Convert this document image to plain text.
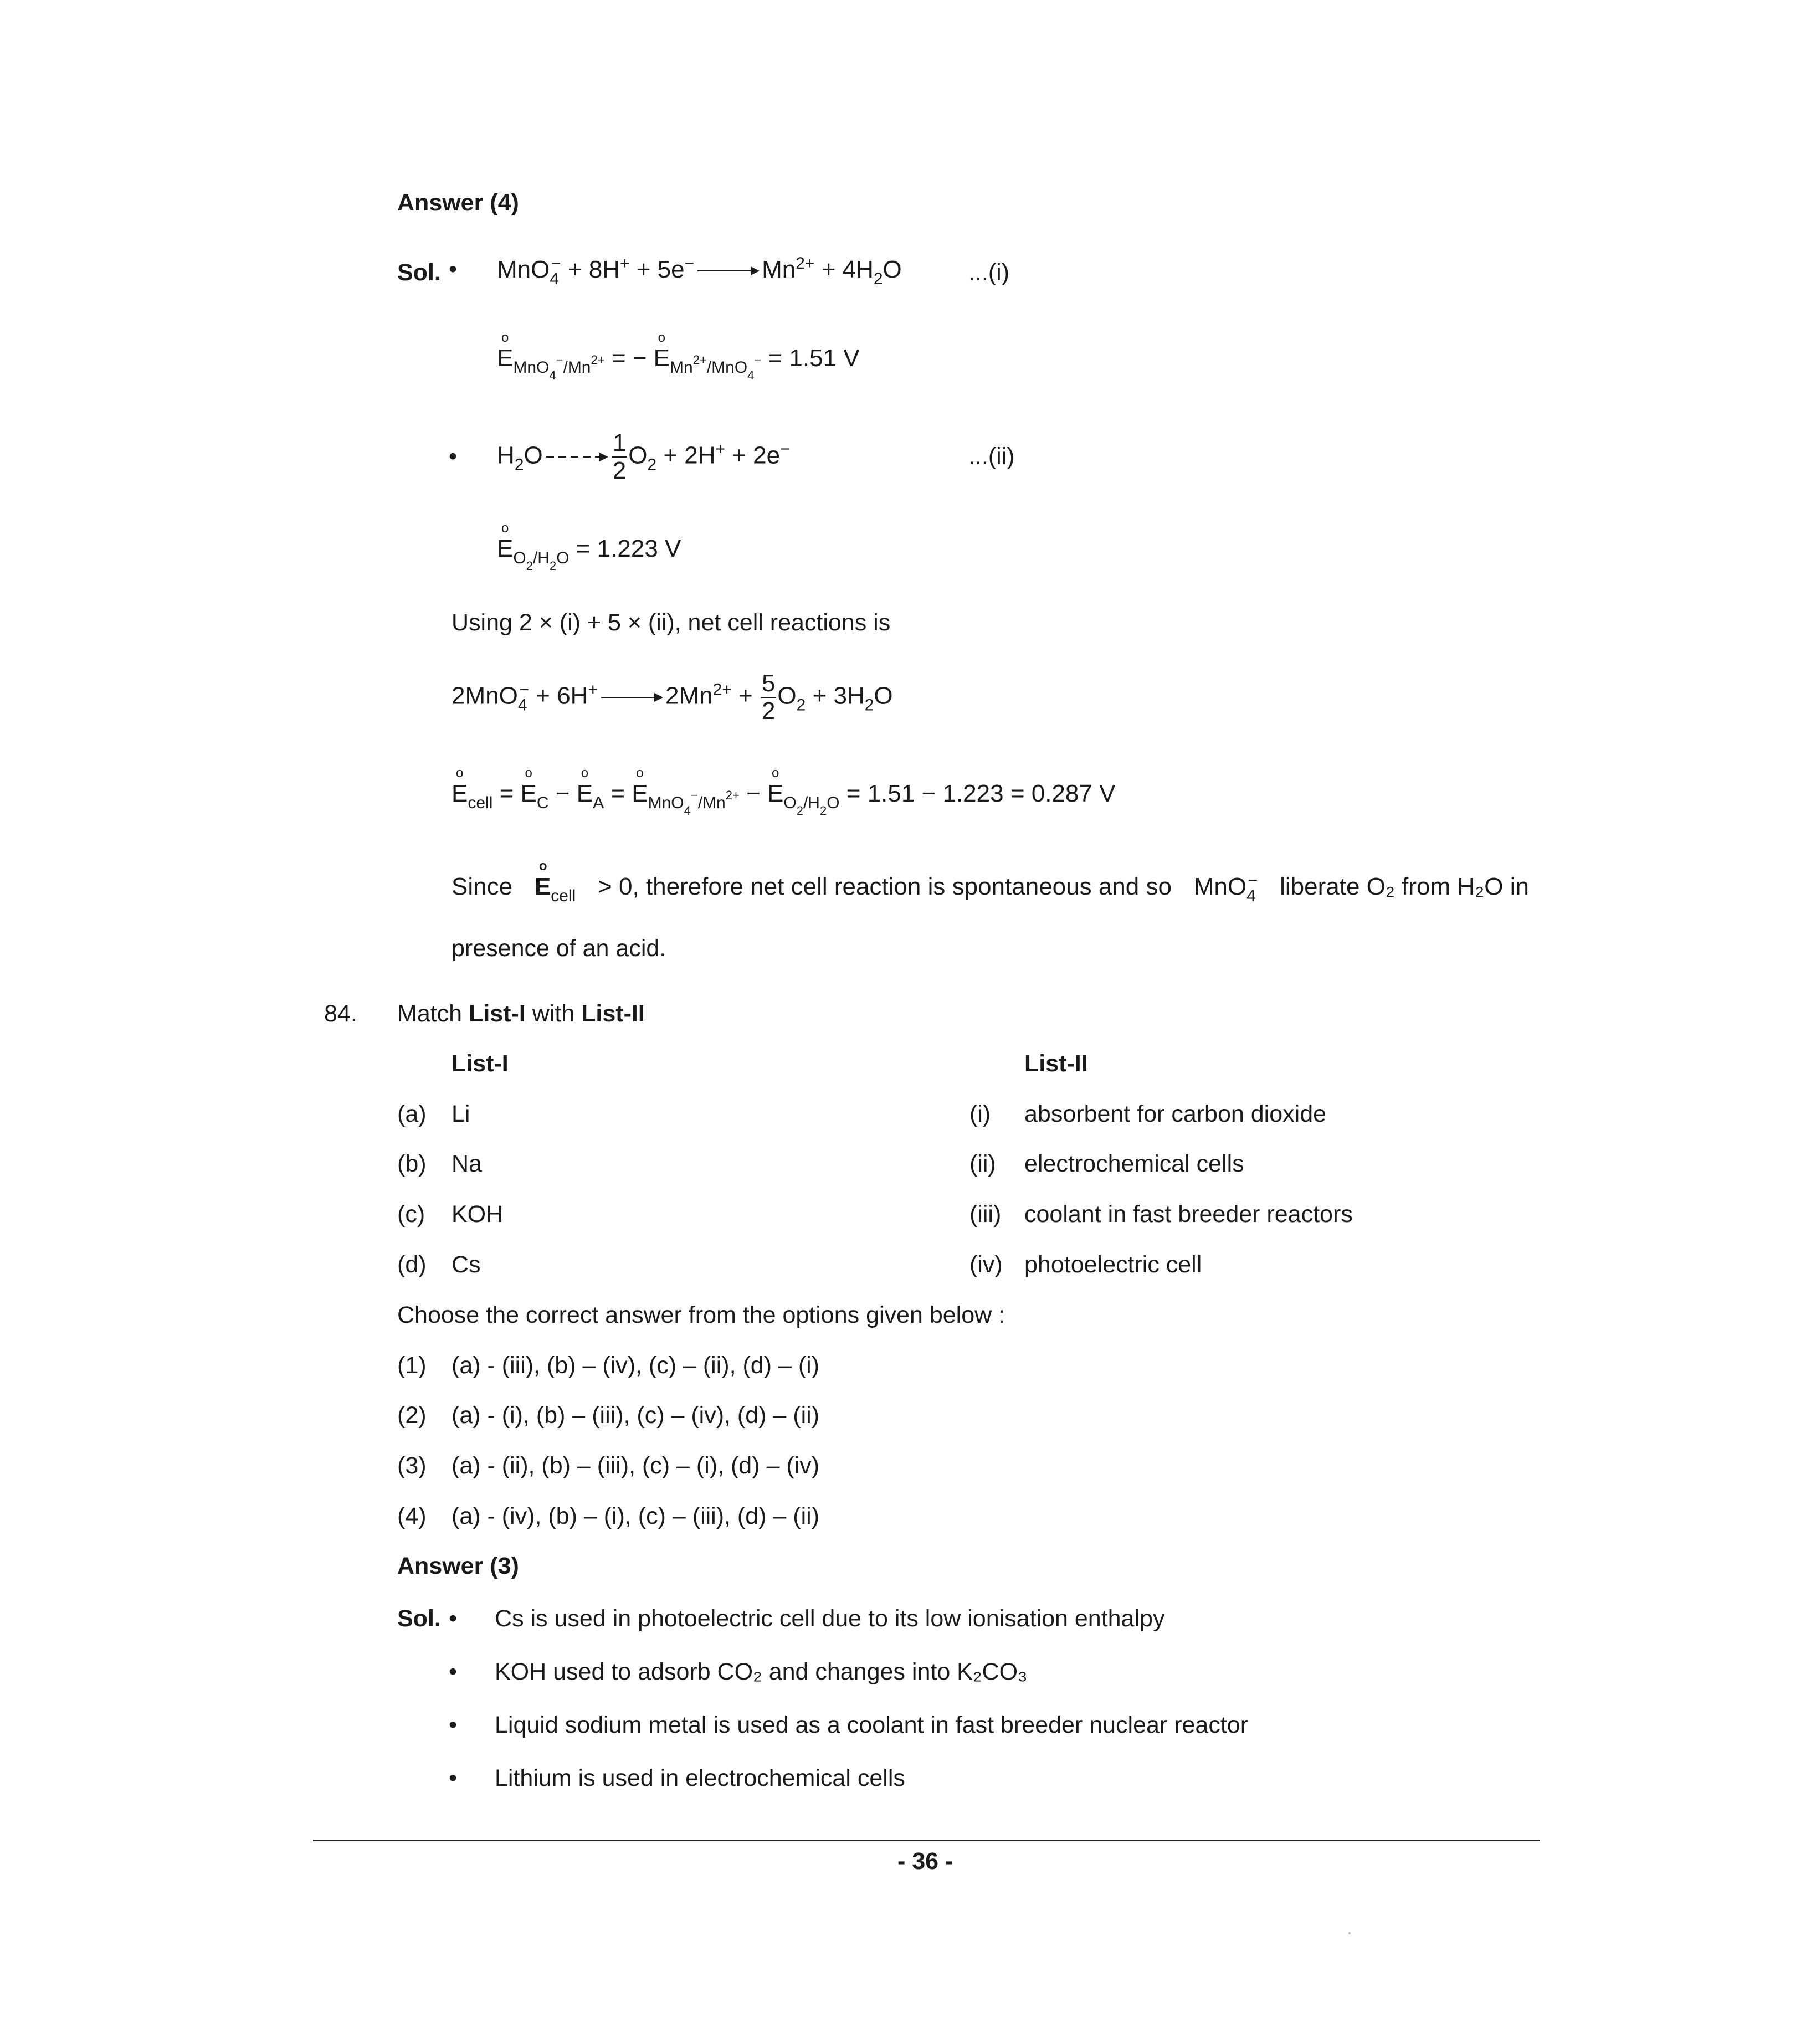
Answer (4)
Sol. • MnO$_4$− + 8H+ + 5e−	$Mn^{2+} + 4H_2O$	...(i)
o $E_{MnO_4^-/Mn^{2+}}$ = − o $E_{Mn^{2+}/MnO_4^-} = 1.51$ V
• $H_2O$	$\frac{1}{2} O_2 + 2H^+ + 2e^-$	...(ii)
o $E_{O_2/H_2O} = 1.223$ V
Using 2 × (i) + 5 × (ii), net cell reactions is
2MnO$_4$− + 6H+	$2Mn^{2+} + \frac{5}{2} O_2 + 3H_2O$
o $E_{cell} = o$ $E_C - o$ $E_A = o$ $E_{MnO_4^-/Mn^{2+}} - o$ $E_{O_2/H_2O} = 1.51 - 1.223 = 0.287$ V
Since
o $E_{cell} > 0$, therefore net cell reaction is spontaneous and so MnO$_4$− liberate O₂ from H₂O in
presence of an acid.
84. Match List-I with List-II
List-I	List-II
(a) Li	(i) absorbent for carbon dioxide
(b) Na	(ii) electrochemical cells
(c) KOH	(iii) coolant in fast breeder reactors
(d) Cs	(iv) photoelectric cell
Choose the correct answer from the options given below :
(1) (a) - (iii), (b) – (iv), (c) – (ii), (d) – (i)
(2) (a) - (i), (b) – (iii), (c) – (iv), (d) – (ii)
(3) (a) - (ii), (b) – (iii), (c) – (i), (d) – (iv)
(4) (a) - (iv), (b) – (i), (c) – (iii), (d) – (ii)
Answer (3)
Sol. • Cs is used in photoelectric cell due to its low ionisation enthalpy
• KOH used to adsorb CO₂ and changes into K₂CO₃
• Liquid sodium metal is used as a coolant in fast breeder nuclear reactor
• Lithium is used in electrochemical cells
- 36 -
